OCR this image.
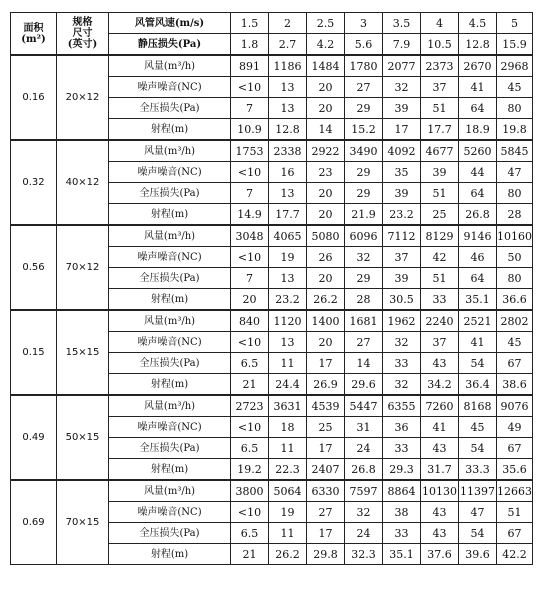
面积
(m²)	规格
尺寸
(英寸)	风管风速(m/s)	1.5	2	2.5	3	3.5	4	4.5	5
		静压损失(Pa)	1.8	2.7	4.2	5.6	7.9	10.5	12.8	15.9
0.16	20×12	风量(m³/h)	891	1186	1484	1780	2077	2373	2670	2968
		噪声噪音(NC)	<10	13	20	27	32	37	41	45
		全压损失(Pa)	7	13	20	29	39	51	64	80
		射程(m)	10.9	12.8	14	15.2	17	17.7	18.9	19.8
0.32	40×12	风量(m³/h)	1753	2338	2922	3490	4092	4677	5260	5845
		噪声噪音(NC)	<10	16	23	29	35	39	44	47
		全压损失(Pa)	7	13	20	29	39	51	64	80
		射程(m)	14.9	17.7	20	21.9	23.2	25	26.8	28
0.56	70×12	风量(m³/h)	3048	4065	5080	6096	7112	8129	9146	10160
		噪声噪音(NC)	<10	19	26	32	37	42	46	50
		全压损失(Pa)	7	13	20	29	39	51	64	80
		射程(m)	20	23.2	26.2	28	30.5	33	35.1	36.6
0.15	15×15	风量(m³/h)	840	1120	1400	1681	1962	2240	2521	2802
		噪声噪音(NC)	<10	13	20	27	32	37	41	45
		全压损失(Pa)	6.5	11	17	14	33	43	54	67
		射程(m)	21	24.4	26.9	29.6	32	34.2	36.4	38.6
0.49	50×15	风量(m³/h)	2723	3631	4539	5447	6355	7260	8168	9076
		噪声噪音(NC)	<10	18	25	31	36	41	45	49
		全压损失(Pa)	6.5	11	17	24	33	43	54	67
		射程(m)	19.2	22.3	2407	26.8	29.3	31.7	33.3	35.6
0.69	70×15	风量(m³/h)	3800	5064	6330	7597	8864	10130	11397	12663
		噪声噪音(NC)	<10	19	27	32	38	43	47	51
		全压损失(Pa)	6.5	11	17	24	33	43	54	67
		射程(m)	21	26.2	29.8	32.3	35.1	37.6	39.6	42.2
